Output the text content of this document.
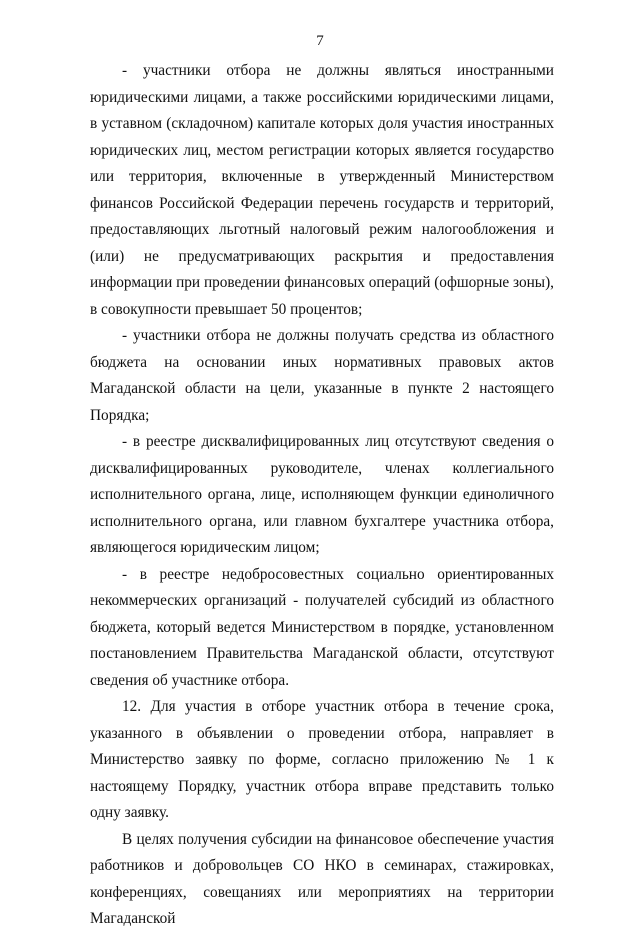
7

- участники отбора не должны являться иностранными юридическими лицами, а также российскими юридическими лицами, в уставном (складочном) капитале которых доля участия иностранных юридических лиц, местом регистрации которых является государство или территория, включенные в утвержденный Министерством финансов Российской Федерации перечень государств и территорий, предоставляющих льготный налоговый режим налогообложения и (или) не предусматривающих раскрытия и предоставления информации при проведении финансовых операций (офшорные зоны), в совокупности превышает 50 процентов;

- участники отбора не должны получать средства из областного бюджета на основании иных нормативных правовых актов Магаданской области на цели, указанные в пункте 2 настоящего Порядка;

- в реестре дисквалифицированных лиц отсутствуют сведения о дисквалифицированных руководителе, членах коллегиального исполнительного органа, лице, исполняющем функции единоличного исполнительного органа, или главном бухгалтере участника отбора, являющегося юридическим лицом;

- в реестре недобросовестных социально ориентированных некоммерческих организаций - получателей субсидий из областного бюджета, который ведется Министерством в порядке, установленном постановлением Правительства Магаданской области, отсутствуют сведения об участнике отбора.

12. Для участия в отборе участник отбора в течение срока, указанного в объявлении о проведении отбора, направляет в Министерство заявку по форме, согласно приложению № 1 к настоящему Порядку, участник отбора вправе представить только одну заявку.

В целях получения субсидии на финансовое обеспечение участия работников и добровольцев СО НКО в семинарах, стажировках, конференциях, совещаниях или мероприятиях на территории Магаданской
